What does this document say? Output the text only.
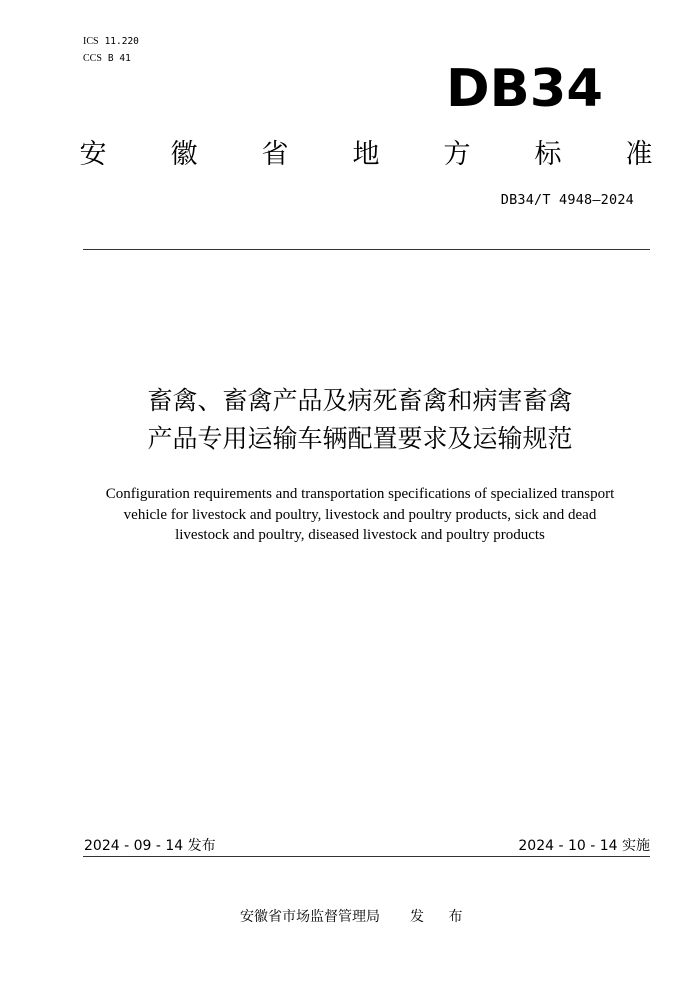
ICS 11.220
CCS B 41
DB34
安 徽 省 地 方 标 准
DB34/T 4948—2024
畜禽、畜禽产品及病死畜禽和病害畜禽
产品专用运输车辆配置要求及运输规范
Configuration requirements and transportation specifications of specialized transport
vehicle for livestock and poultry, livestock and poultry products, sick and dead
livestock and poultry, diseased livestock and poultry products
2024 - 09 - 14 发布	2024 - 10 - 14 实施
安徽省市场监督管理局 发 布
